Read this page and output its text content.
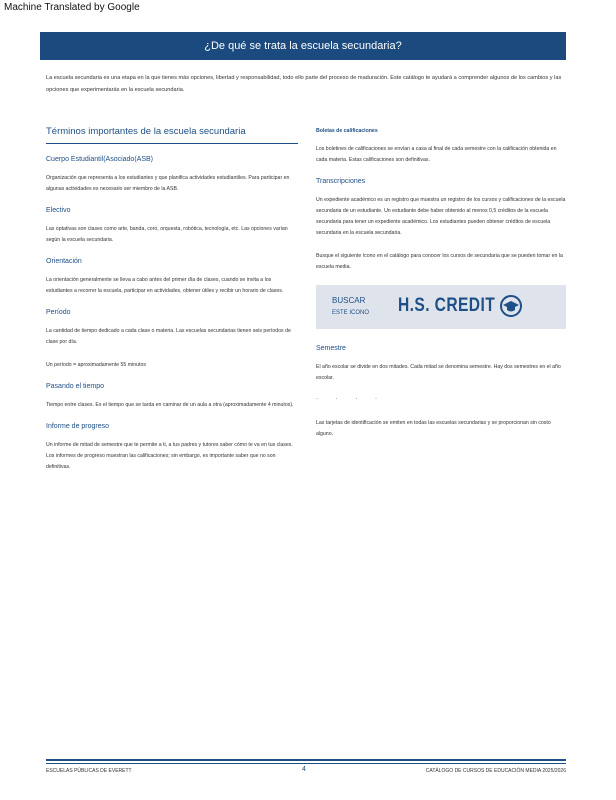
Machine Translated by Google
¿De qué se trata la escuela secundaria?
La escuela secundaria es una etapa en la que tienes más opciones, libertad y responsabilidad, todo ello parte del proceso de maduración. Este catálogo te ayudará a comprender algunos de los cambios y las opciones que experimentarás en la escuela secundaria.
Términos importantes de la escuela secundaria
Cuerpo Estudiantil(Asociado(ASB)
Organización que representa a los estudiantes y que planifica actividades estudiantiles. Para participar en algunas actividades es necesario ser miembro de la ASB.
Electivo
Las optativas son clases como arte, banda, coro, orquesta, robótica, tecnología, etc. Las opciones varían según la escuela secundaria.
Orientación
La orientación generalmente se lleva a cabo antes del primer día de clases, cuando se invita a los estudiantes a recorrer la escuela, participar en actividades, obtener útiles y recibir un horario de clases.
Período
La cantidad de tiempo dedicado a cada clase o materia. Las escuelas secundarias tienen seis períodos de clase por día.
Un período = aproximadamente 55 minutos
Pasando el tiempo
Tiempo entre clases. Es el tiempo que se tarda en caminar de un aula a otra (aproximadamente 4 minutos).
Informe de progreso
Un informe de mitad de semestre que te permite a ti, a tus padres y tutores saber cómo te va en tus clases. Los informes de progreso muestran las calificaciones; sin embargo, es importante saber que no son definitivas.
Boletas de calificaciones
Los boletines de calificaciones se envían a casa al final de cada semestre con la calificación obtenida en cada materia. Estas calificaciones son definitivas.
Transcripciones
Un expediente académico es un registro que muestra un registro de los cursos y calificaciones de la escuela secundaria de un estudiante. Un estudiante debe haber obtenido al menos 0,5 créditos de la escuela secundaria para tener un expediente académico. Los estudiantes pueden obtener créditos de escuela secundaria en la escuela secundaria.
Busque el siguiente ícono en el catálogo para conocer los cursos de secundaria que se pueden tomar en la escuela media.
BUSCAR
ESTE ICONO H.S. CREDIT
Semestre
El año escolar se divide en dos mitades. Cada mitad se denomina semestre. Hay dos semestres en el año escolar.
· · · ·
Las tarjetas de identificación se emiten en todas las escuelas secundarias y se proporcionan sin costo alguno.
ESCUELAS PÚBLICAS DE EVERETT	4	CATÁLOGO DE CURSOS DE EDUCACIÓN MEDIA 2025/2026
